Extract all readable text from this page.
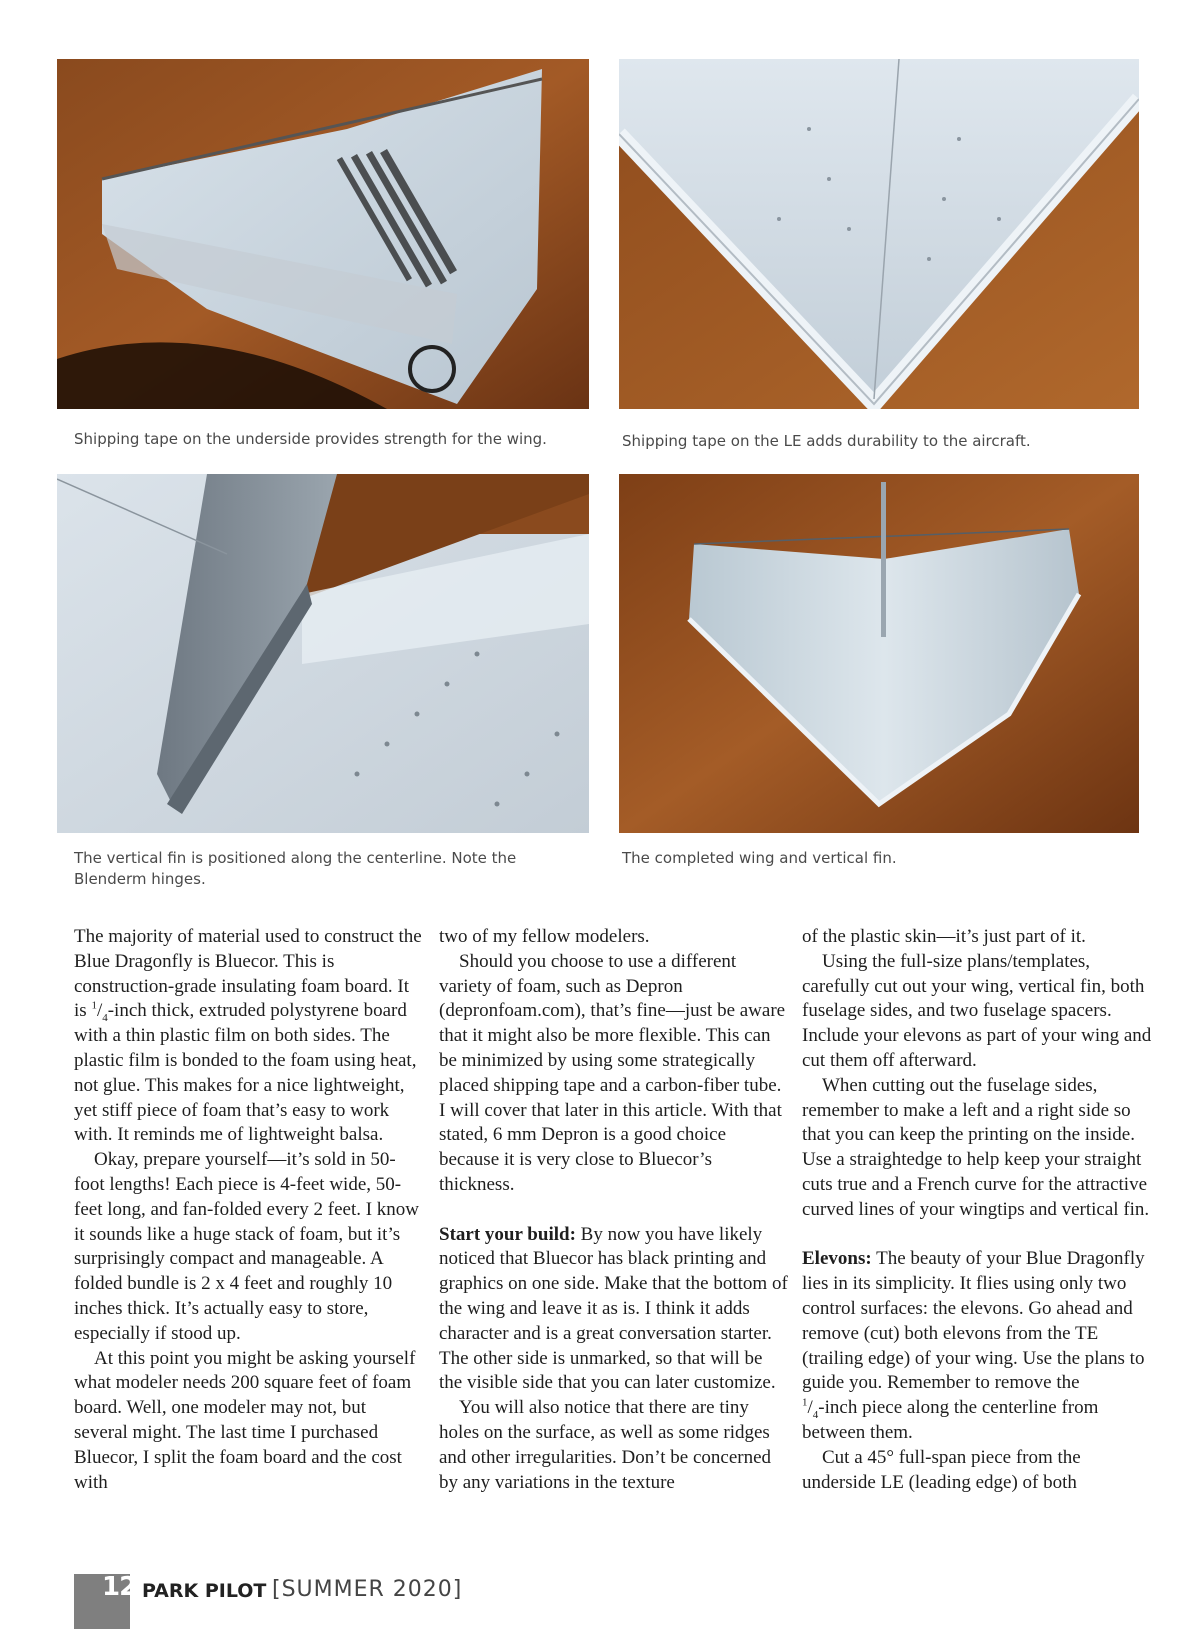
Shipping tape on the underside provides strength for the wing.	Shipping tape on the LE adds durability to the aircraft.
The vertical fin is positioned along the centerline. Note the Blenderm hinges.
The completed wing and vertical fin.

The majority of material used to construct the Blue Dragonfly is Bluecor. This is construction-grade insulating foam board. It is $^1/_4$-inch thick, extruded polystyrene board with a thin plastic film on both sides. The plastic film is bonded to the foam using heat, not glue. This makes for a nice lightweight, yet stiff piece of foam that’s easy to work with. It reminds me of lightweight balsa.

Okay, prepare yourself—it’s sold in 50-foot lengths! Each piece is 4-feet wide, 50-feet long, and fan-folded every 2 feet. I know it sounds like a huge stack of foam, but it’s surprisingly compact and manageable. A folded bundle is 2 x 4 feet and roughly 10 inches thick. It’s actually easy to store, especially if stood up.

At this point you might be asking yourself what modeler needs 200 square feet of foam board. Well, one modeler may not, but several might. The last time I purchased Bluecor, I split the foam board and the cost with

two of my fellow modelers.

Should you choose to use a different variety of foam, such as Depron (depronfoam.com), that’s fine—just be aware that it might also be more flexible. This can be minimized by using some strategically placed shipping tape and a carbon-fiber tube. I will cover that later in this article. With that stated, 6 mm Depron is a good choice because it is very close to Bluecor’s thickness.

Start your build: By now you have likely noticed that Bluecor has black printing and graphics on one side. Make that the bottom of the wing and leave it as is. I think it adds character and is a great conversation starter. The other side is unmarked, so that will be the visible side that you can later customize.

You will also notice that there are tiny holes on the surface, as well as some ridges and other irregularities. Don’t be concerned by any variations in the texture

of the plastic skin—it’s just part of it.

Using the full-size plans/templates, carefully cut out your wing, vertical fin, both fuselage sides, and two fuselage spacers. Include your elevons as part of your wing and cut them off afterward.

When cutting out the fuselage sides, remember to make a left and a right side so that you can keep the printing on the inside. Use a straightedge to help keep your straight cuts true and a French curve for the attractive curved lines of your wingtips and vertical fin.

Elevons: The beauty of your Blue Dragonfly lies in its simplicity. It flies using only two control surfaces: the elevons. Go ahead and remove (cut) both elevons from the TE (trailing edge) of your wing. Use the plans to guide you. Remember to remove the
$^1/_4$-inch piece along the centerline from between them.

Cut a 45° full-span piece from the underside LE (leading edge) of both

12 PARK PILOT [SUMMER 2020]
